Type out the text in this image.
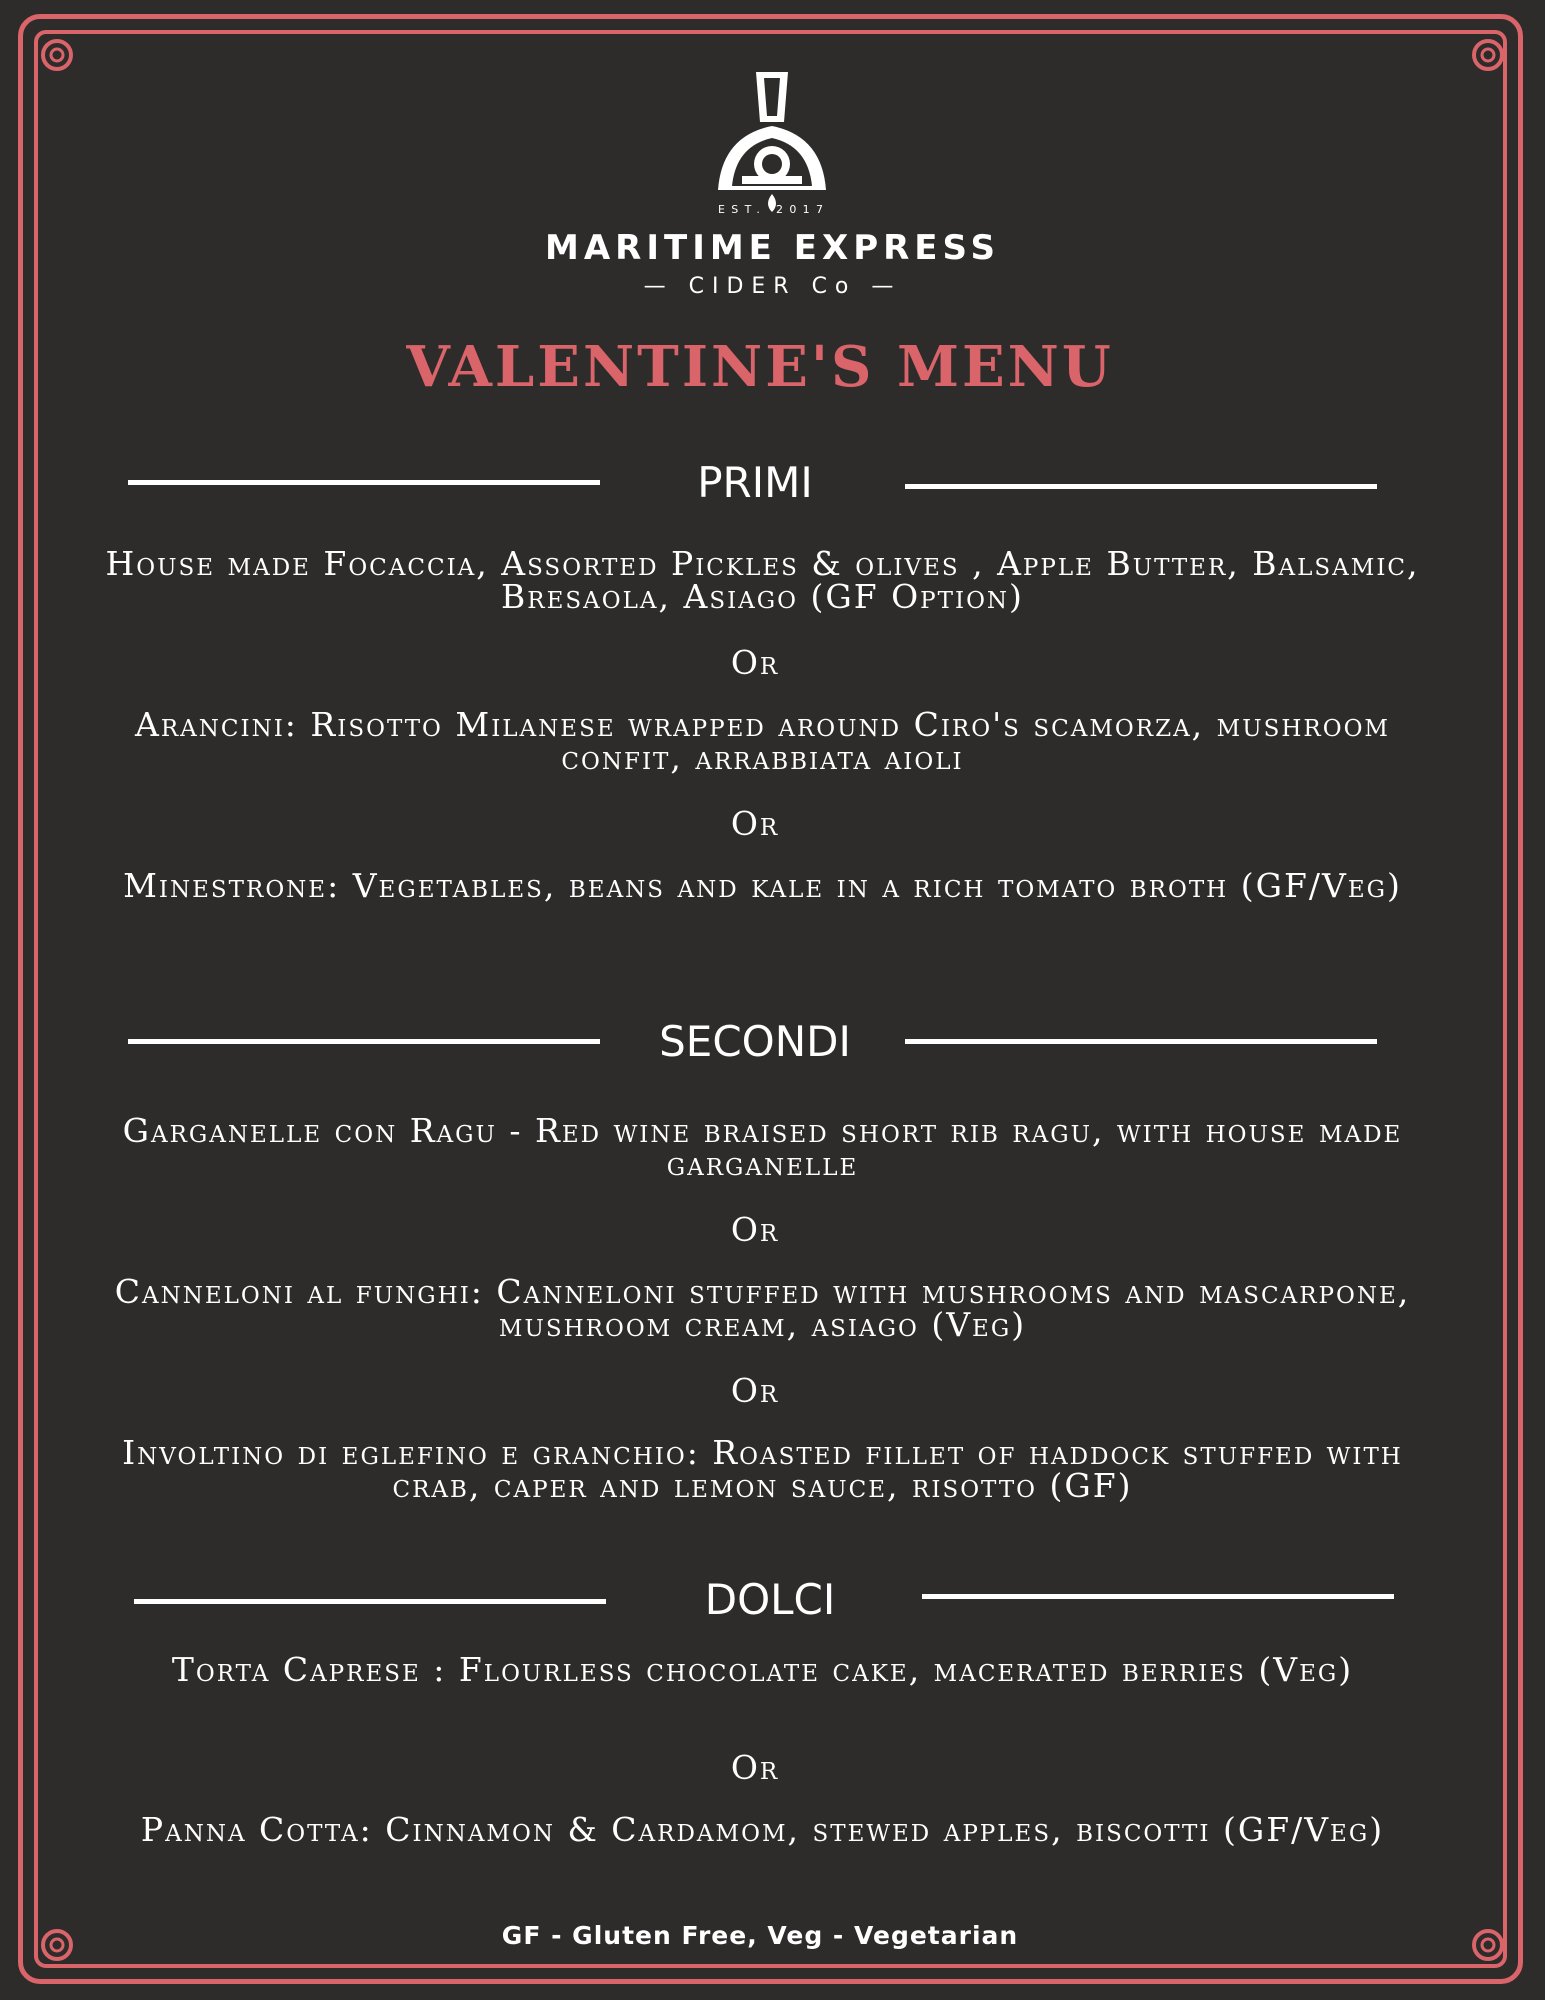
EST. 2017
MARITIME EXPRESS
— CIDER Co —
VALENTINE'S MENU
PRIMI
House made Focaccia, Assorted Pickles & olives , Apple Butter, Balsamic, Bresaola, Asiago (GF Option)
Or
Arancini: Risotto Milanese wrapped around Ciro's scamorza, mushroom confit, arrabbiata aioli
Or
Minestrone: Vegetables, beans and kale in a rich tomato broth (GF/Veg)
SECONDI
Garganelle con Ragu - Red wine braised short rib ragu, with house made garganelle
Or
Canneloni al funghi: Canneloni stuffed with mushrooms and mascarpone, mushroom cream, asiago (Veg)
Or
Involtino di eglefino e granchio: Roasted fillet of haddock stuffed with crab, caper and lemon sauce, risotto (GF)
DOLCI
Torta Caprese : Flourless chocolate cake, macerated berries (Veg)
Or
Panna Cotta: Cinnamon & Cardamom, stewed apples, biscotti (GF/Veg)
GF - Gluten Free, Veg - Vegetarian
